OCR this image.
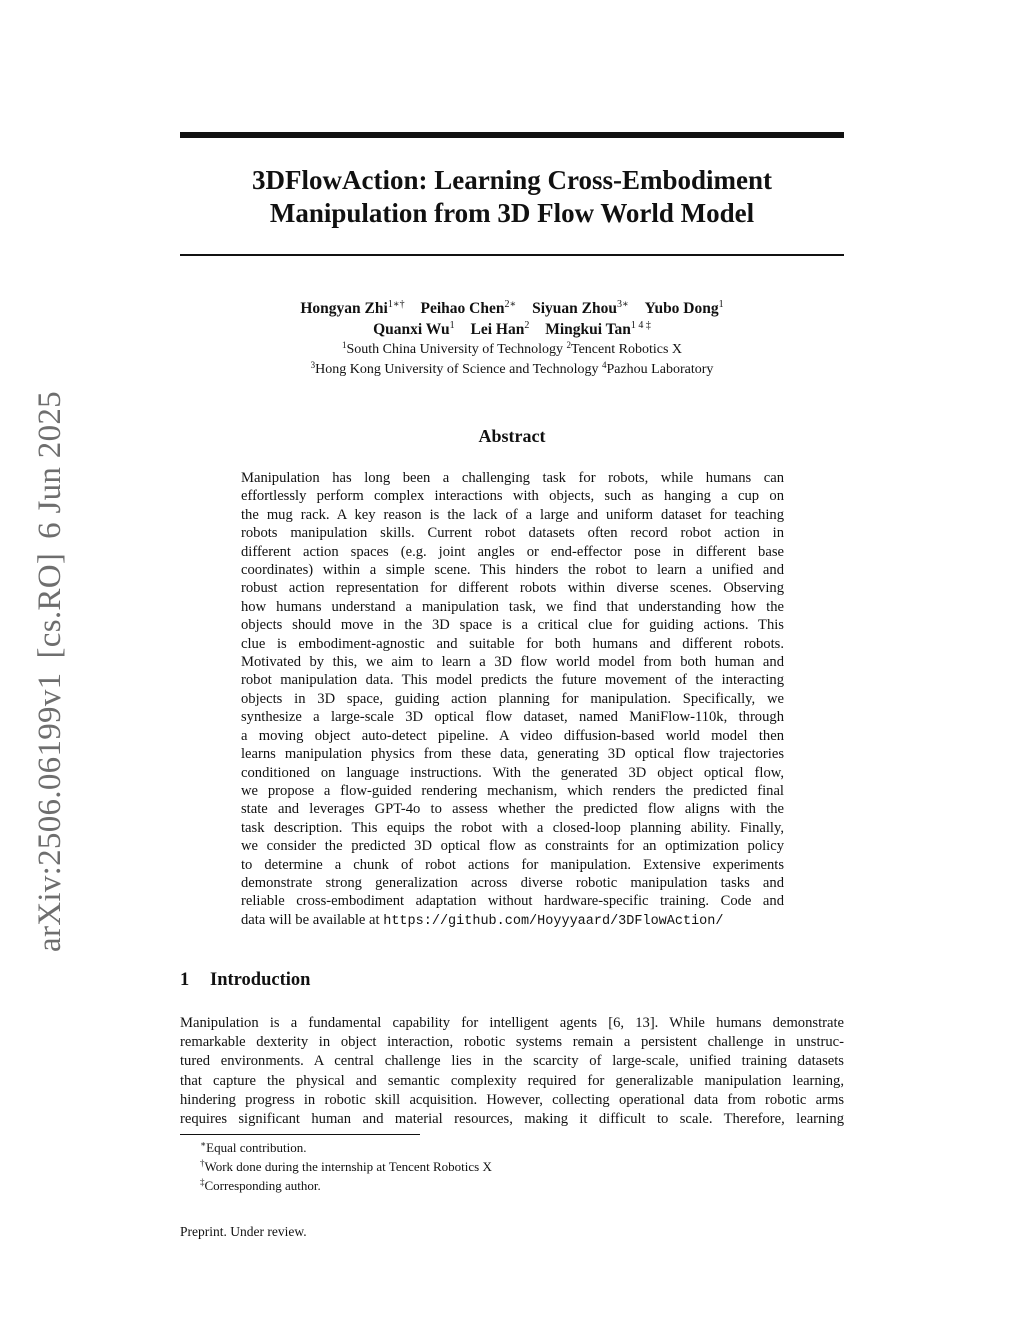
arXiv:2506.06199v1[cs.RO]6 Jun 2025
3DFlowAction: Learning Cross-Embodiment
Manipulation from 3D Flow World Model
Hongyan Zhi$^{1∗\dagger}$ Peihao Chen$^{2∗}$ Siyuan Zhou$^{3∗}$ Yubo Dong$^1$
Quanxi Wu$^1$ Lei Han$^2$ Mingkui Tan$^{1 4 \ddagger}$
$^1$South China University of Technology $^2$Tencent Robotics X
$^3$Hong Kong University of Science and Technology $^4$Pazhou Laboratory
Abstract
Manipulation has long been a challenging task for robots, while humans can
effortlessly perform complex interactions with objects, such as hanging a cup on
the mug rack. A key reason is the lack of a large and uniform dataset for teaching
robots manipulation skills. Current robot datasets often record robot action in
different action spaces (e.g. joint angles or end-effector pose in different base
coordinates) within a simple scene. This hinders the robot to learn a unified and
robust action representation for different robots within diverse scenes. Observing
how humans understand a manipulation task, we find that understanding how the
objects should move in the 3D space is a critical clue for guiding actions. This
clue is embodiment-agnostic and suitable for both humans and different robots.
Motivated by this, we aim to learn a 3D flow world model from both human and
robot manipulation data. This model predicts the future movement of the interacting
objects in 3D space, guiding action planning for manipulation. Specifically, we
synthesize a large-scale 3D optical flow dataset, named ManiFlow-110k, through
a moving object auto-detect pipeline. A video diffusion-based world model then
learns manipulation physics from these data, generating 3D optical flow trajectories
conditioned on language instructions. With the generated 3D object optical flow,
we propose a flow-guided rendering mechanism, which renders the predicted final
state and leverages GPT-4o to assess whether the predicted flow aligns with the
task description. This equips the robot with a closed-loop planning ability. Finally,
we consider the predicted 3D optical flow as constraints for an optimization policy
to determine a chunk of robot actions for manipulation. Extensive experiments
demonstrate strong generalization across diverse robotic manipulation tasks and
reliable cross-embodiment adaptation without hardware-specific training. Code and
data will be available at https://github.com/Hoyyyaard/3DFlowAction/
1 Introduction
Manipulation is a fundamental capability for intelligent agents [6, 13]. While humans demonstrate
remarkable dexterity in object interaction, robotic systems remain a persistent challenge in unstruc-
tured environments. A central challenge lies in the scarcity of large-scale, unified training datasets
that capture the physical and semantic complexity required for generalizable manipulation learning,
hindering progress in robotic skill acquisition. However, collecting operational data from robotic arms
requires significant human and material resources, making it difficult to scale. Therefore, learning
∗Equal contribution.
†Work done during the internship at Tencent Robotics X
‡Corresponding author.
Preprint. Under review.
